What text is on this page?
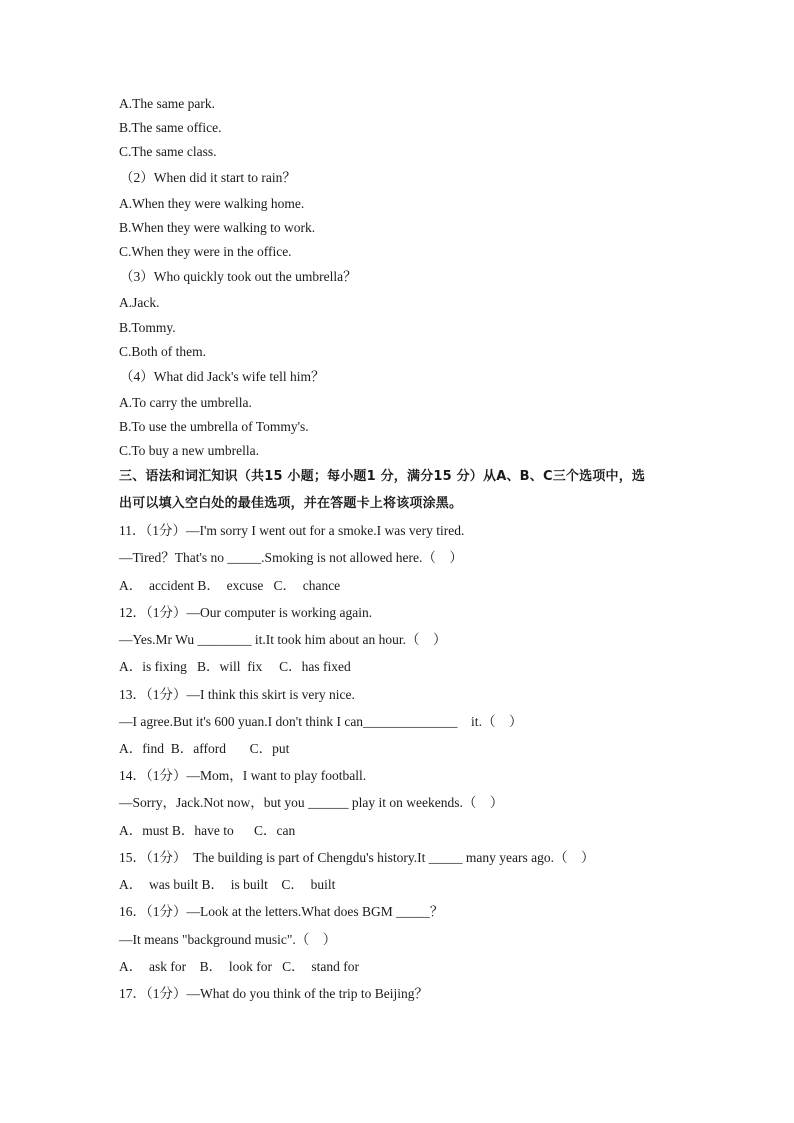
A.The same park.
B.The same office.
C.The same class.
（2）When did it start to rain？
A.When they were walking home.
B.When they were walking to work.
C.When they were in the office.
（3）Who quickly took out the umbrella？
A.Jack.
B.Tommy.
C.Both of them.
（4）What did Jack's wife tell him？
A.To carry the umbrella.
B.To use the umbrella of Tommy's.
C.To buy a new umbrella.
三、语法和词汇知识（共15 小题；每小题1 分，满分15 分）从A、B、C三个选项中，选
出可以填入空白处的最佳选项，并在答题卡上将该项涂黑。
11．（1分）—I'm sorry I went out for a smoke.I was very tired.
—Tired？That's no _____.Smoking is not allowed here.（　）
A．  accident B．  excuse   C．  chance
12．（1分）—Our computer is working again.
—Yes.Mr Wu ________ it.It took him about an hour.（　）
A．is fixing   B．will  fix     C．has fixed
13．（1分）—I think this skirt is very nice.
—I agree.But it's 600 yuan.I don't think I can______________    it.（　）
A．find  B．afford       C．put
14．（1分）—Mom，I want to play football.
—Sorry，Jack.Not now，but you ______ play it on weekends.（　）
A．must B．have to      C．can
15．（1分）  The building is part of Chengdu's history.It _____ many years ago.（　）
A．  was built B．  is built    C．  built
16．（1分）—Look at the letters.What does BGM _____？
—It means "background music".（　）
A．  ask for    B．  look for   C．  stand for
17．（1分）—What do you think of the trip to Beijing？
